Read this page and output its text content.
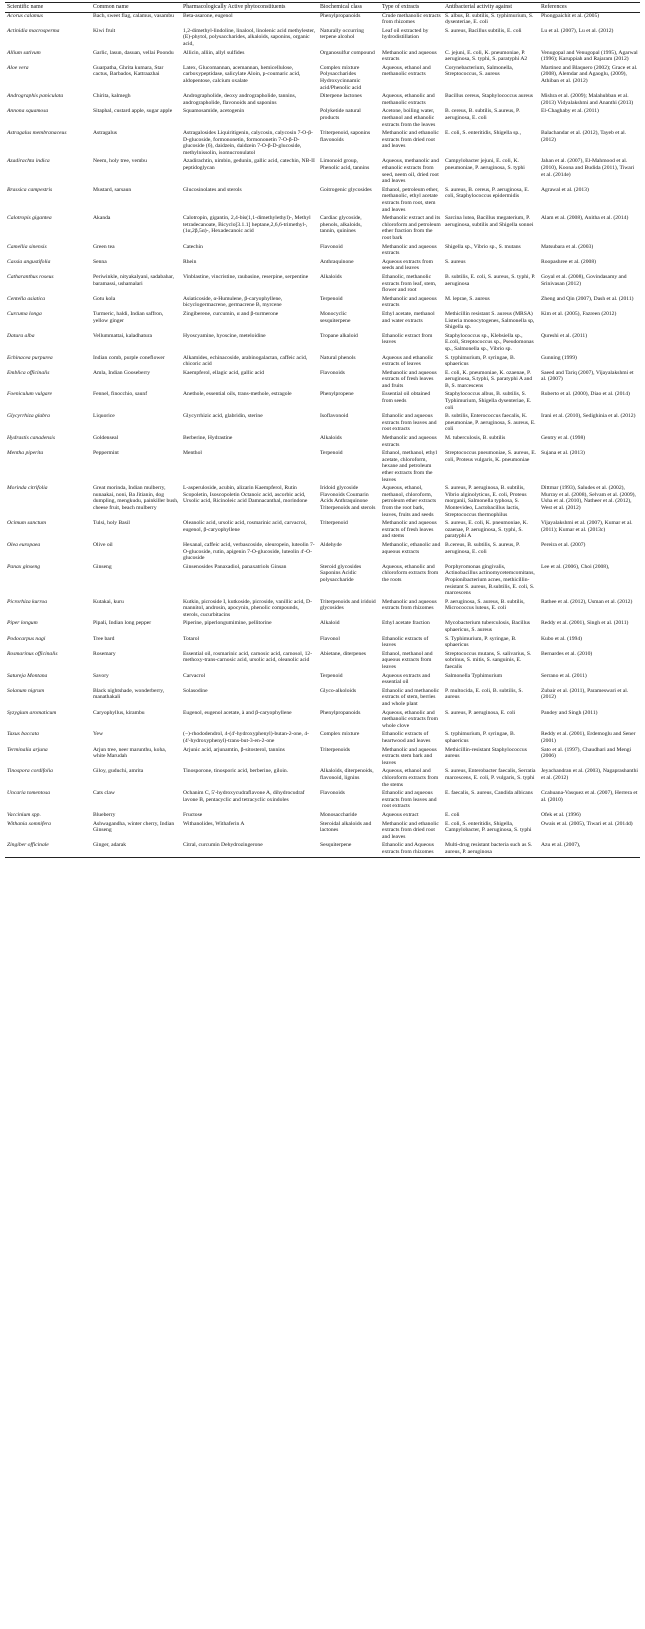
Scientific name	Common name	Pharmacologically Active phytoconstituents	Biochemical class	Type of extracts	Antibacterial activity against	References
Acorus calamus	Bach, sweet flag, calamus, vasambu	Beta-asarone, eugenol	Phenylpropanoids	Crude methanolic extracts from rhizomes	S. albus, B. subtilis, S. typhimurium, S. dysenteriae, E. coli	Phongpaichit et al. (2005)
Actinidia macrosperma	Kiwi fruit	1,2-dimethyl-lindoline, linalool, linolenic acid methylester, (E)-phytol, polysaccharides, alkaloids, saponins, organic acid,	Naturally occurring terpene alcohol	Leaf oil extracted by hydrodistillation	S. aureus, Bacillus subtilis, E. coli	Lu et al. (2007), Lu et al. (2012)
Allium sativum	Garlic, lasun, dasuan, vellai Poondu	Allicin, alliin, allyl sulfides	Organosulfur compound	Methanolic and aqueous extracts	C. jejuni, E. coli, K. pneumoniae, P. aeruginosa, S. typhi, S. paratyphi A2	Venugopal and Venugopal (1995), Agarwal (1996); Karuppiah and Rajaram (2012)
Aloe vera	Guarpatha, Ghrita kumara, Star cactus, Barbados, Kattraazhai	Latex, Glucomannan, acemannan, hemicellulose, carboxypeptidase, salicylate Aloin, p-coumaric acid, aldopentose, calcium oxalate	Complex mixture Polysaccharides Hydroxycinnamic acid/Phenolic acid	Aqueous, ethanol and methanolic extracts	Corynebacterium, Salmonella, Streptococcus, S. aureus	Martinez and Blaquero (2002); Grace et al. (2008), Alemdar and Agaoglu, (2009), Athiban et al. (2012)
Andrographis paniculata	Chirita, kalmegh	Andrographolide, deoxy andrographolide, tannins, andrographolide, flavonoids and saponins	Diterpene lactones	Aqueous, ethanolic and methanolic extracts	Bacillus cereus, Staphylococcus aureus	Mishra et al. (2009); Malahubban et al. (2013) Vidyalakshmi and Ananthi (2013)
Annona squamosa	Sitaphal, custard apple, sugar apple	Squamosamide, acetogenin	Polyketide natural products	Acetone, boiling water, methanol and ethanolic extracts from the leaves	B. cereus, B. subtilis, S.aureus, P. aeruginosa, E. coli	El-Chaghaby et al. (2011)
Astragalus membranaceus	Astragalus	Astragalosides Liquiritigenin, calycosin, calycosin 7-O-β-D-glucoside, formononetin, formononetin 7-O-β-D-glucoside (6), daidzein, daidzein 7-O-β-D-glucoside, methylnissolin, isomucronulatol	Triterpenoid, saponins flavonoids	Methanolic and ethanolic extracts from dried root and leaves	E. coli, S. enteritidis, Shigella sp.,	Balachandar et al. (2012), Tayeb et al. (2012)
Azadirachta indica	Neem, holy tree, vembu	Azadirachtin, nimbin, gedunin, gallic acid, catechin, NB-II peptidoglycan	Limonoid group, Phenolic acid, tannins	Aqueous, methanolic and ethanolic extracts from seed, neem oil, dried root and leaves	Campylobacter jejuni, E. coli, K. pneumoniae, P. aeruginosa, S. typhi	Jahan et al. (2007), El-Mahmood et al. (2010), Koona and Budida (2011), Tiwari et al. (2014e)
Brassica campestris	Mustard, sarsaun	Glucosinolates and sterols	Goitrogenic glycosides	Ethanol, petroleum ether, methanolic, ethyl acetate extracts from root, stem and leaves	S. aureus, B. cereus, P. aeruginosa, E. coli, Staphylococcus epidermidis	Agrawal et al. (2013)
Calotropis gigantea	Akanda	Calotropin, gigantin, 2,4-bis(1,1-dimethylethyl)-, Methyl tetradecanoate, Bicyclo[3.1.1] heptane,2,6,6-trimethyl-, (1α,2β,5α)-, Hexadecanoic acid	Cardiac glycoside, phenols, alkaloids, tannin, quinines	Methanolic extract and its chloroform and petroleum ether fraction from the root bark	Sarcina lutea, Bacillus megaterium, P. aeruginosa, subtilis and Shigella sonnei	Alam et al. (2008), Anitha et al. (2014)
Camellia sinensis	Green tea	Catechin	Flavonoid	Methanolic and aqueous extracts	Shigella sp., Vibrio sp., S. mutans	Matsubara et al. (2003)
Cassia angustifolia	Senna	Rhein	Anthraquinone	Aqueous extracts from seeds and leaves	S. aureus	Roopashree et al. (2008)
Catharanthus roseus	Periwinkle, nityakalyani, sadabahar, baramassi, ushamalari	Vinblastine, vincristine, raubasine, reserpine, serpentine	Alkaloids	Ethanolic, methanolic extracts from leaf, stem, flower and root	B. subtilis, E. coli, S. aureus, S. typhi, P. aeruginosa	Goyal et al. (2008), Govindasamy and Srinivasan (2012)
Centella asiatica	Gotu kola	Asiaticoside, α-Humulene, β-caryophyllene, bicyclogermacrene, germacrene B, myrcene	Terpenoid	Methanolic and aqueous extracts	M. leprae, S. aureus	Zheng and Qin (2007), Dash et al. (2011)
Curcuma longa	Turmeric, haldi, Indian saffron, yellow ginger	Zingiberene, curcumin, α and β-turmerone	Monocyclic sesquiterpene	Ethyl acetate, methanol and water extracts	Methicillin resistant S. aureus (MRSA) Listeria monocytogenes, Salmonella sp, Shigella sp.	Kim et al. (2005), Fazreen (2012)
Datura alba	Vellummattai, kaladhatura	Hyoscyamine, hyoscine, meteloidine	Tropane alkaloid	Ethanolic extract from leaves	Staphylococcus sp., Klebsiella sp., E.coli, Streptococcus sp., Pseudomonas sp., Salmonella sp., Vibrio sp.	Qureshi et al. (2011)
Echinacea purpurea	Indian comb, purple coneflower	Alkamides, echinacoside, arabinogalactan, caffeic acid, chicoric acid	Natural phenols	Aqueous and ethanolic extracts of leaves	S. typhimurium, P. syringae, B. sphaericus	Gunning (1999)
Emblica officinalis	Amla, Indian Gooseberry	Kaempferol, ellagic acid, gallic acid	Flavonoids	Methanolic and aqueous extracts of fresh leaves and fruits	E. coli, K. pneumoniae, K. ozaenae, P. aeruginosa, S.typhi, S. paratyphi A and B, S. marcescens	Saeed and Tariq (2007), Vijayalakshmi et al. (2007)
Foeniculum vulgare	Fennel, finocchio, saunf	Anethole, essential oils, trans-methole, estragole	Phenylpropene	Essential oil obtained from seeds	Staphylococcus albus, B. subtilis, S. Typhimurium, Shigella dysenteriae, E. coli	Ruberto et al. (2000), Diao et al. (2014)
Glycyrrhiza glabra	Liquorice	Glycyrrhizic acid, glabridin, sterine	Isoflavonoid	Ethanolic and aqueous extracts from leaves and root extracts	B. subtilis, Enterococcus faecalis, K. pneumoniae, P. aeruginosa, S. aureus, E. coli	Irani et al. (2010), Sedighinia et al. (2012)
Hydrastis canadensis	Goldenseal	Berberine, Hydrastine	Alkaloids	Methanolic and aqueous extracts	M. tuberculosis, B. subtilis	Gentry et al. (1998)
Mentha piperita	Peppermint	Menthol	Terpenoid	Ethanol, methanol, ethyl acetate, chloroform, hexane and petroleum ether extracts from the leaves	Streptococcus pneumoniae, S. aureus, E. coli, Proteus vulgaris, K. pneumoniae	Sujana et al. (2013)
Morinda citrifolia	Great morinda, Indian mulberry, nunaakai, noni, Ba Jitianin, dog dumpling, mengkudu, painkiller bush, cheese fruit, beach mulberry	L-asperuloside, acubin, alizarin Kaempferol, Rutin Scopoletin, Isoscopoletin Octanoic acid, ascorbic acid, Ursolic acid, Ricinoleic acid Damnacanthal, morindone	Iridoid glycoside Flavonoids Coumarin Acids Anthraquinone Triterpenoids and sterols	Aqueous, ethanol, methanol, chloroform, petroleum ether extracts from the root bark, leaves, fruits and seeds	S. aureus, P. aeruginosa, B. subtilis, Vibrio alginolyticus, E. coli, Proteus morganii, Salmonella typhosa, S. Montevideo, Lactobacillus lactis, Streptococcus thermophilus	Dittmar (1993), Saludes et al. (2002), Murray et al. (2008), Selvam et al. (2009), Usha et al. (2010), Natheer et al. (2012), West et al. (2012)
Ocimum sanctum	Tulsi, holy Basil	Oleanolic acid, ursolic acid, rosmarinic acid, carvacrol, eugenol, β-caryophyllene	Triterpenoid	Methanolic and aqueous extracts of fresh leaves and stems	S. aureus, E. coli, K. pneumoniae, K. ozaenae, P. aeruginosa, S. typhi, S. paratyphi A	Vijayalakshmi et al. (2007), Kumar et al. (2011); Kumar et al. (2013c)
Olea europaea	Olive oil	Hexanal, caffeic acid, verbascoside, oleuropein, luteolin 7-O-glucoside, rutin, apigenin 7-O-glucoside, luteolin 4'-O-glucoside	Aldehyde	Methanolic, ethanolic and aqueous extracts	B.cereus, B. subtilis, S. aureus, P. aeruginosa, E. coli	Pereira et al. (2007)
Panax ginseng	Ginseng	Ginsenosides Panaxadiol, panaxatriols Ginsan	Steroid glycosides Saponins Acidic polysaccharide	Aqueous, ethanolic and chloroform extracts from the roots	Porphyromonas gingivalis, Actinobacillus actinomycetemcomitans, Propionibacterium acnes, methicillin-resistant S. aureus, B.subtilis, E. coli, S. marcescens	Lee et al. (2006), Choi (2008),
Picrorhiza kurroa	Kutakai, kuru	Kutkin, picroside I, kutkoside, picroside, vanillic acid, D-mannitol, androsin, apocynin, phenolic compounds, sterols, cucurbitacins	Triterpenoids and iridoid glycosides	Methanolic and aqueous extracts from rhizomes	P. aeruginosa, S. aureus, B. subtilis, Micrococcus luteus, E. coli	Rathee et al. (2012), Usman et al. (2012)
Piper longum	Pipali, Indian long pepper	Piperine, piperlongumimine, pellitorine	Alkaloid	Ethyl acetate fraction	Mycobacterium tuberculosis, Bacillus sphaericus, S. aureus	Reddy et al. (2001), Singh et al. (2011)
Podocarpus nagi	Tree bard	Totarol	Flavonol	Ethanolic extracts of leaves	S. Typhimurium, P. syringae, B. sphaericus	Kubo et al. (1994)
Rosmarinus officinalis	Rosemary	Essential oil, rosmarinic acid, carnosic acid, carnosol, 12-methoxy-trans-carnosic acid, ursolic acid, oleanolic acid	Abietane, diterpenes	Ethanol, methanol and aqueous extracts from leaves	Streptococcus mutans, S. salivarius, S. sobrinus, S. mitis, S. sanguinis, E. faecalis	Bernardes et al. (2010)
Satureja Montana	Savory	Carvacrol	Terpenoid	Aqueous extracts and essential oil	Salmonella Typhimurium	Serrano et al. (2011)
Solanum nigrum	Black nightshade, wonderberry, manathakali	Solasodine	Glyco-alkoloids	Ethanolic and methanolic extracts of stem, berries and whole plant	P. multocida, E. coli, B. subtilis, S. aureus	Zubair et al. (2011), Parameswari et al. (2012)
Syzygium aromaticum	Caryophyllus, kirambu	Eugenol, eugenol acetate, à and β-caryophyllene	Phenylpropanoids	Aqueous, ethanolic and methanolic extracts from whole clove	S. aureus, P. aeruginosa, E. coli	Pandey and Singh (2011)
Taxus baccata	Yew	(−)-rhododendrol, 4-(4'-hydroxyphenyl)-butan-2-one, 4-(4'-hydroxyphenyl)-trans-but-3-en-2-one	Complex mixture	Ethanolic extracts of heartwood and leaves	S. typhimurium, P. syringae, B. sphaericus	Reddy et al. (2001), Erdemoglu and Sener (2001)
Terminalia arjuna	Arjun tree, neer marunthu, koha, white Marudah	Arjunic acid, arjunamtin, β-sitosterol, tannins	Triterpenoids	Methanolic and aqueous extracts stem bark and leaves	Methicillin-resistant Staphylococcus aureus	Sato et al. (1997), Chaudhari and Mengi (2006)
Tinospora cordifolia	Giloy, guduchi, amrita	Tinosporone, tinosporic acid, berberine, giloin.	Alkaloids, diterpenoids, flavonoid, lignins	Aqueous, ethanol and chloroform extracts from the stems	S. aureus, Enterobacter faecalis, Serratia marcescens, E. coli, P. vulgaris, S. typhi	Jeyachandran et al. (2003), Nagaprashanthi et al. (2012)
Uncaria tomentosa	Cats claw	Ochanim C, 5'-hydroxycudraflavone A, dihydrocudraf lavone B, pentacyclic and tetracyclic oxindoles	Flavonoids	Ethanolic and aqueous extracts from leaves and root extracts	E. faecalis, S. aureus, Candida albicans	Ccahuana-Vasquez et al. (2007), Herrera et al. (2010)
Vaccinium spp.	Blueberry	Fructose	Monosaccharide	Aqueous extract	E. coli	Ofek et al. (1996)
Withania somnifera	Ashwagandha, winter cherry, Indian Ginseng	Withanolides, Withaferin A	Steroidal alkaloids and lactones	Methanolic and ethanolic extracts from dried root and leaves	E. coli, S. enteritidis, Shigella, Campylobacter, P. aeruginosa, S. typhi	Owais et al. (2005), Tiwari et al. (2014d)
Zingiber officinale	Ginger, adarak	Citral, curcumin Dehydrozingerone	Sesquiterpene	Ethanolic and Aqueous extracts from rhizomes	Multi-drug resistant bacteria such as S. aureus, P. aeruginosa	Azu et al. (2007),
